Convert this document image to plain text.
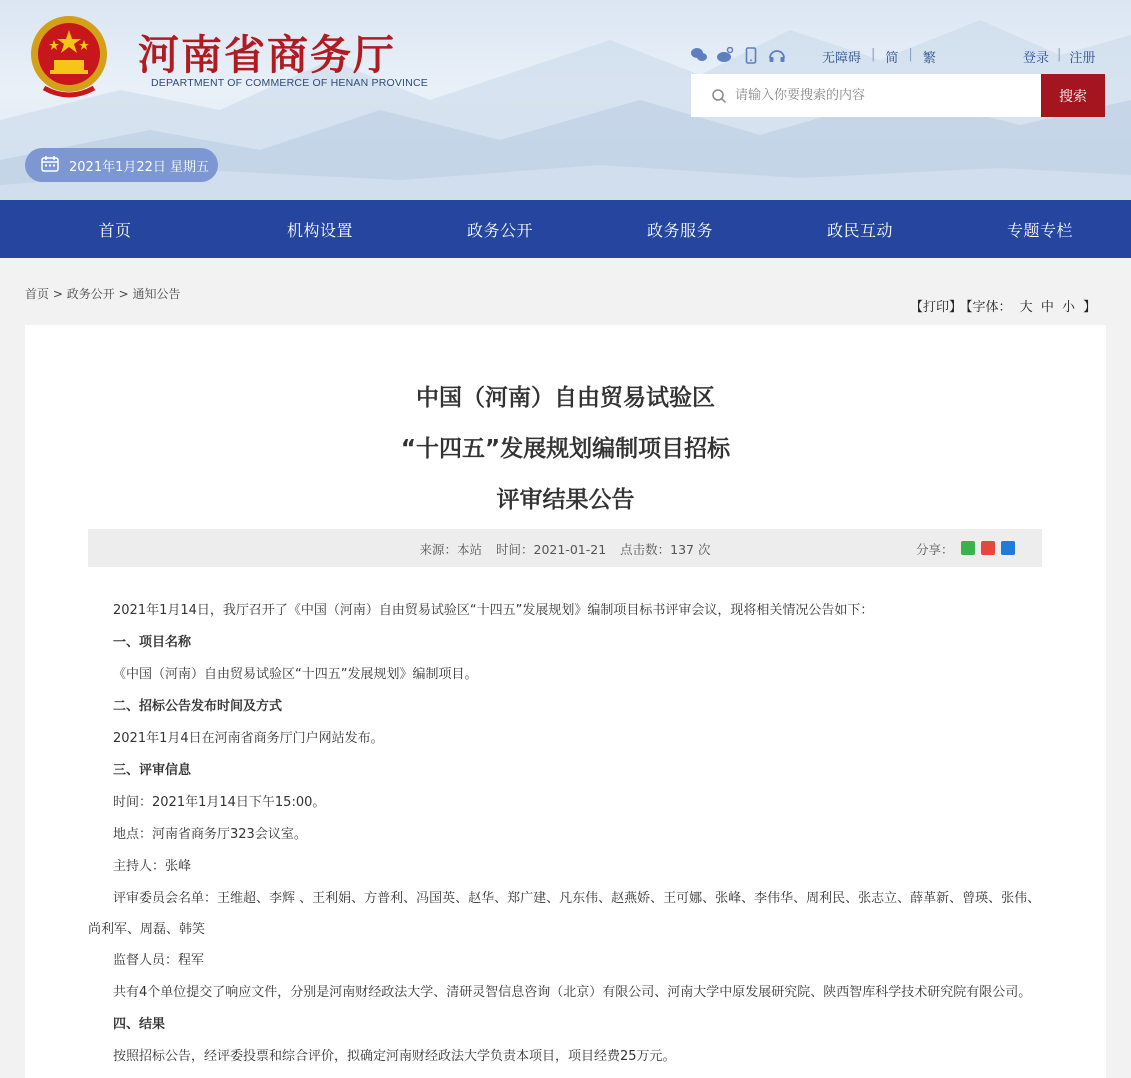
河南省商务厅
DEPARTMENT OF COMMERCE OF HENAN PROVINCE
无障碍 | 简 | 繁	登录 | 注册
请输入你要搜索的内容
搜索
2021年1月22日 星期五
首页	机构设置	政务公开	政务服务	政民互动	专题专栏
首页 > 政务公开 > 通知公告
【打印】 【字体： 大 中 小 】
中国（河南）自由贸易试验区
“十四五”发展规划编制项目招标
评审结果公告
来源：本站 时间：2021-01-21 点击数：137 次	分享：

2021年1月14日，我厅召开了《中国（河南）自由贸易试验区“十四五”发展规划》编制项目标书评审会议，现将相关情况公告如下：

一、项目名称

《中国（河南）自由贸易试验区“十四五”发展规划》编制项目。

二、招标公告发布时间及方式

2021年1月4日在河南省商务厅门户网站发布。

三、评审信息

时间：2021年1月14日下午15:00。

地点：河南省商务厅323会议室。

主持人：张峰

评审委员会名单：王维超、李辉 、王利娟、方普利、冯国英、赵华、郑广建、凡东伟、赵燕娇、王可娜、张峰、李伟华、周利民、张志立、薛革新、曾瑛、张伟、尚利军、周磊、韩笑

监督人员：程军

共有4个单位提交了响应文件，分别是河南财经政法大学、清研灵智信息咨询（北京）有限公司、河南大学中原发展研究院、陕西智库科学技术研究院有限公司。

四、结果

按照招标公告，经评委投票和综合评价，拟确定河南财经政法大学负责本项目，项目经费25万元。
